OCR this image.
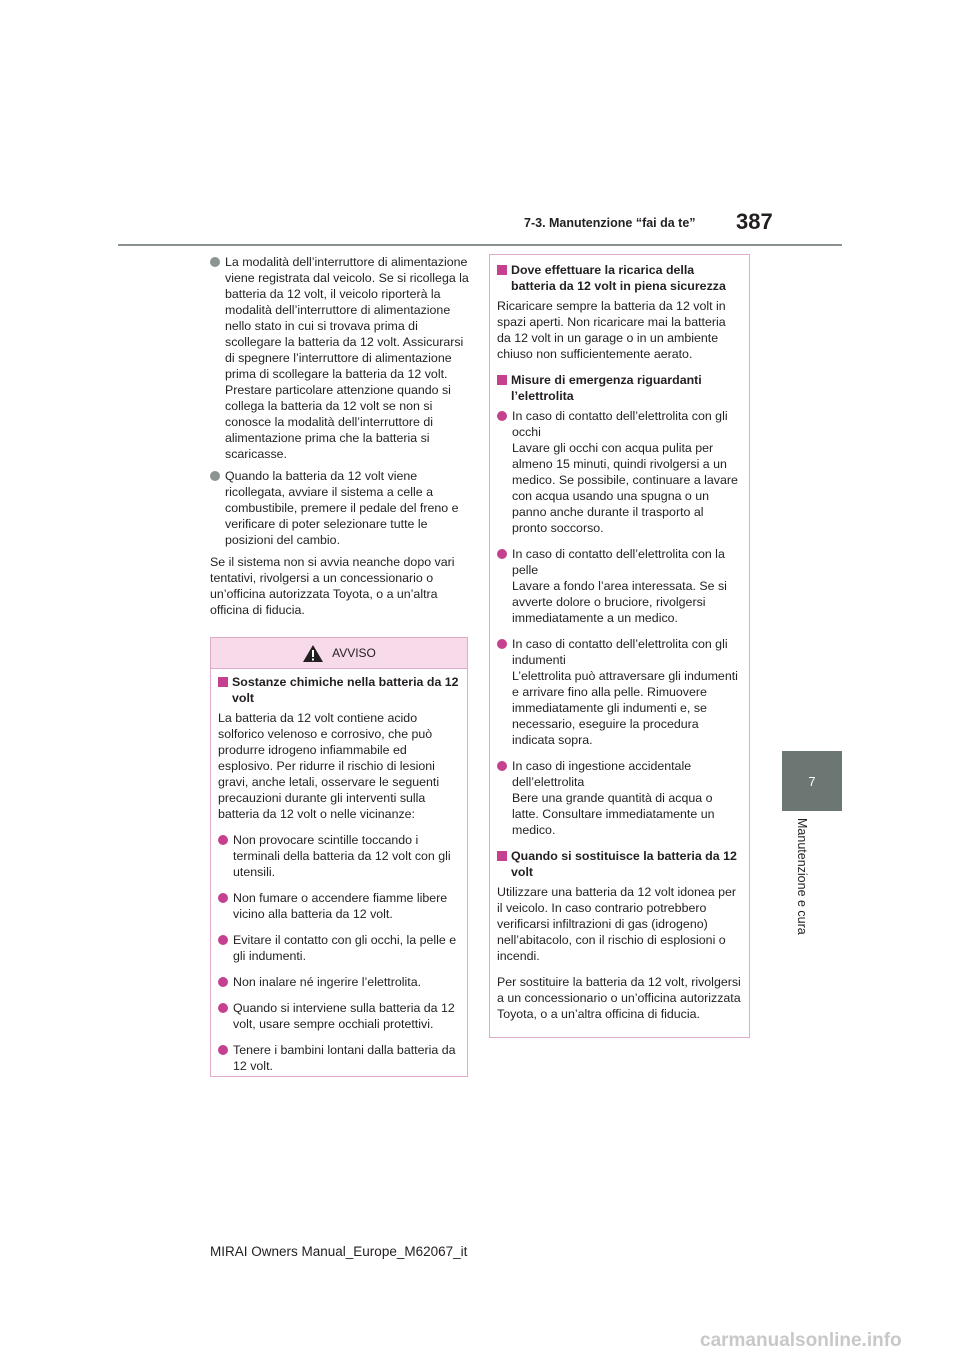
7-3. Manutenzione “fai da te” 387
7
Manutenzione e cura

La modalità dell’interruttore di alimentazione viene registrata dal veicolo. Se si ricollega la batteria da 12 volt, il veicolo riporterà la modalità dell’interruttore di alimentazione nello stato in cui si trovava prima di scollegare la batteria da 12 volt. Assicurarsi di spegnere l’interruttore di alimentazione prima di scollegare la batteria da 12 volt. Prestare particolare attenzione quando si collega la batteria da 12 volt se non si conosce la modalità dell’interruttore di alimentazione prima che la batteria si scaricasse.

Quando la batteria da 12 volt viene ricollegata, avviare il sistema a celle a combustibile, premere il pedale del freno e verificare di poter selezionare tutte le posizioni del cambio.

Se il sistema non si avvia neanche dopo vari tentativi, rivolgersi a un concessionario o un’officina autorizzata Toyota, o a un’altra officina di fiducia.

AVVISO

Sostanze chimiche nella batteria da 12 volt

La batteria da 12 volt contiene acido solforico velenoso e corrosivo, che può produrre idrogeno infiammabile ed esplosivo. Per ridurre il rischio di lesioni gravi, anche letali, osservare le seguenti precauzioni durante gli interventi sulla batteria da 12 volt o nelle vicinanze:

Non provocare scintille toccando i terminali della batteria da 12 volt con gli utensili.

Non fumare o accendere fiamme libere vicino alla batteria da 12 volt.

Evitare il contatto con gli occhi, la pelle e gli indumenti.

Non inalare né ingerire l’elettrolita.

Quando si interviene sulla batteria da 12 volt, usare sempre occhiali protettivi.

Tenere i bambini lontani dalla batteria da 12 volt.

Dove effettuare la ricarica della batteria da 12 volt in piena sicurezza

Ricaricare sempre la batteria da 12 volt in spazi aperti. Non ricaricare mai la batteria da 12 volt in un garage o in un ambiente chiuso non sufficientemente aerato.

Misure di emergenza riguardanti l’elettrolita

In caso di contatto dell’elettrolita con gli occhi
Lavare gli occhi con acqua pulita per almeno 15 minuti, quindi rivolgersi a un medico. Se possibile, continuare a lavare con acqua usando una spugna o un panno anche durante il trasporto al pronto soccorso.
In caso di contatto dell’elettrolita con la pelle
Lavare a fondo l’area interessata. Se si avverte dolore o bruciore, rivolgersi immediatamente a un medico.
In caso di contatto dell’elettrolita con gli indumenti
L’elettrolita può attraversare gli indumenti e arrivare fino alla pelle. Rimuovere immediatamente gli indumenti e, se necessario, eseguire la procedura indicata sopra.
In caso di ingestione accidentale dell’elettrolita
Bere una grande quantità di acqua o latte. Consultare immediatamente un medico.

Quando si sostituisce la batteria da 12 volt

Utilizzare una batteria da 12 volt idonea per il veicolo. In caso contrario potrebbero verificarsi infiltrazioni di gas (idrogeno) nell’abitacolo, con il rischio di esplosioni o incendi.

Per sostituire la batteria da 12 volt, rivolgersi a un concessionario o un’officina autorizzata Toyota, o a un’altra officina di fiducia.

MIRAI Owners Manual_Europe_M62067_it
carmanualsonline.info
